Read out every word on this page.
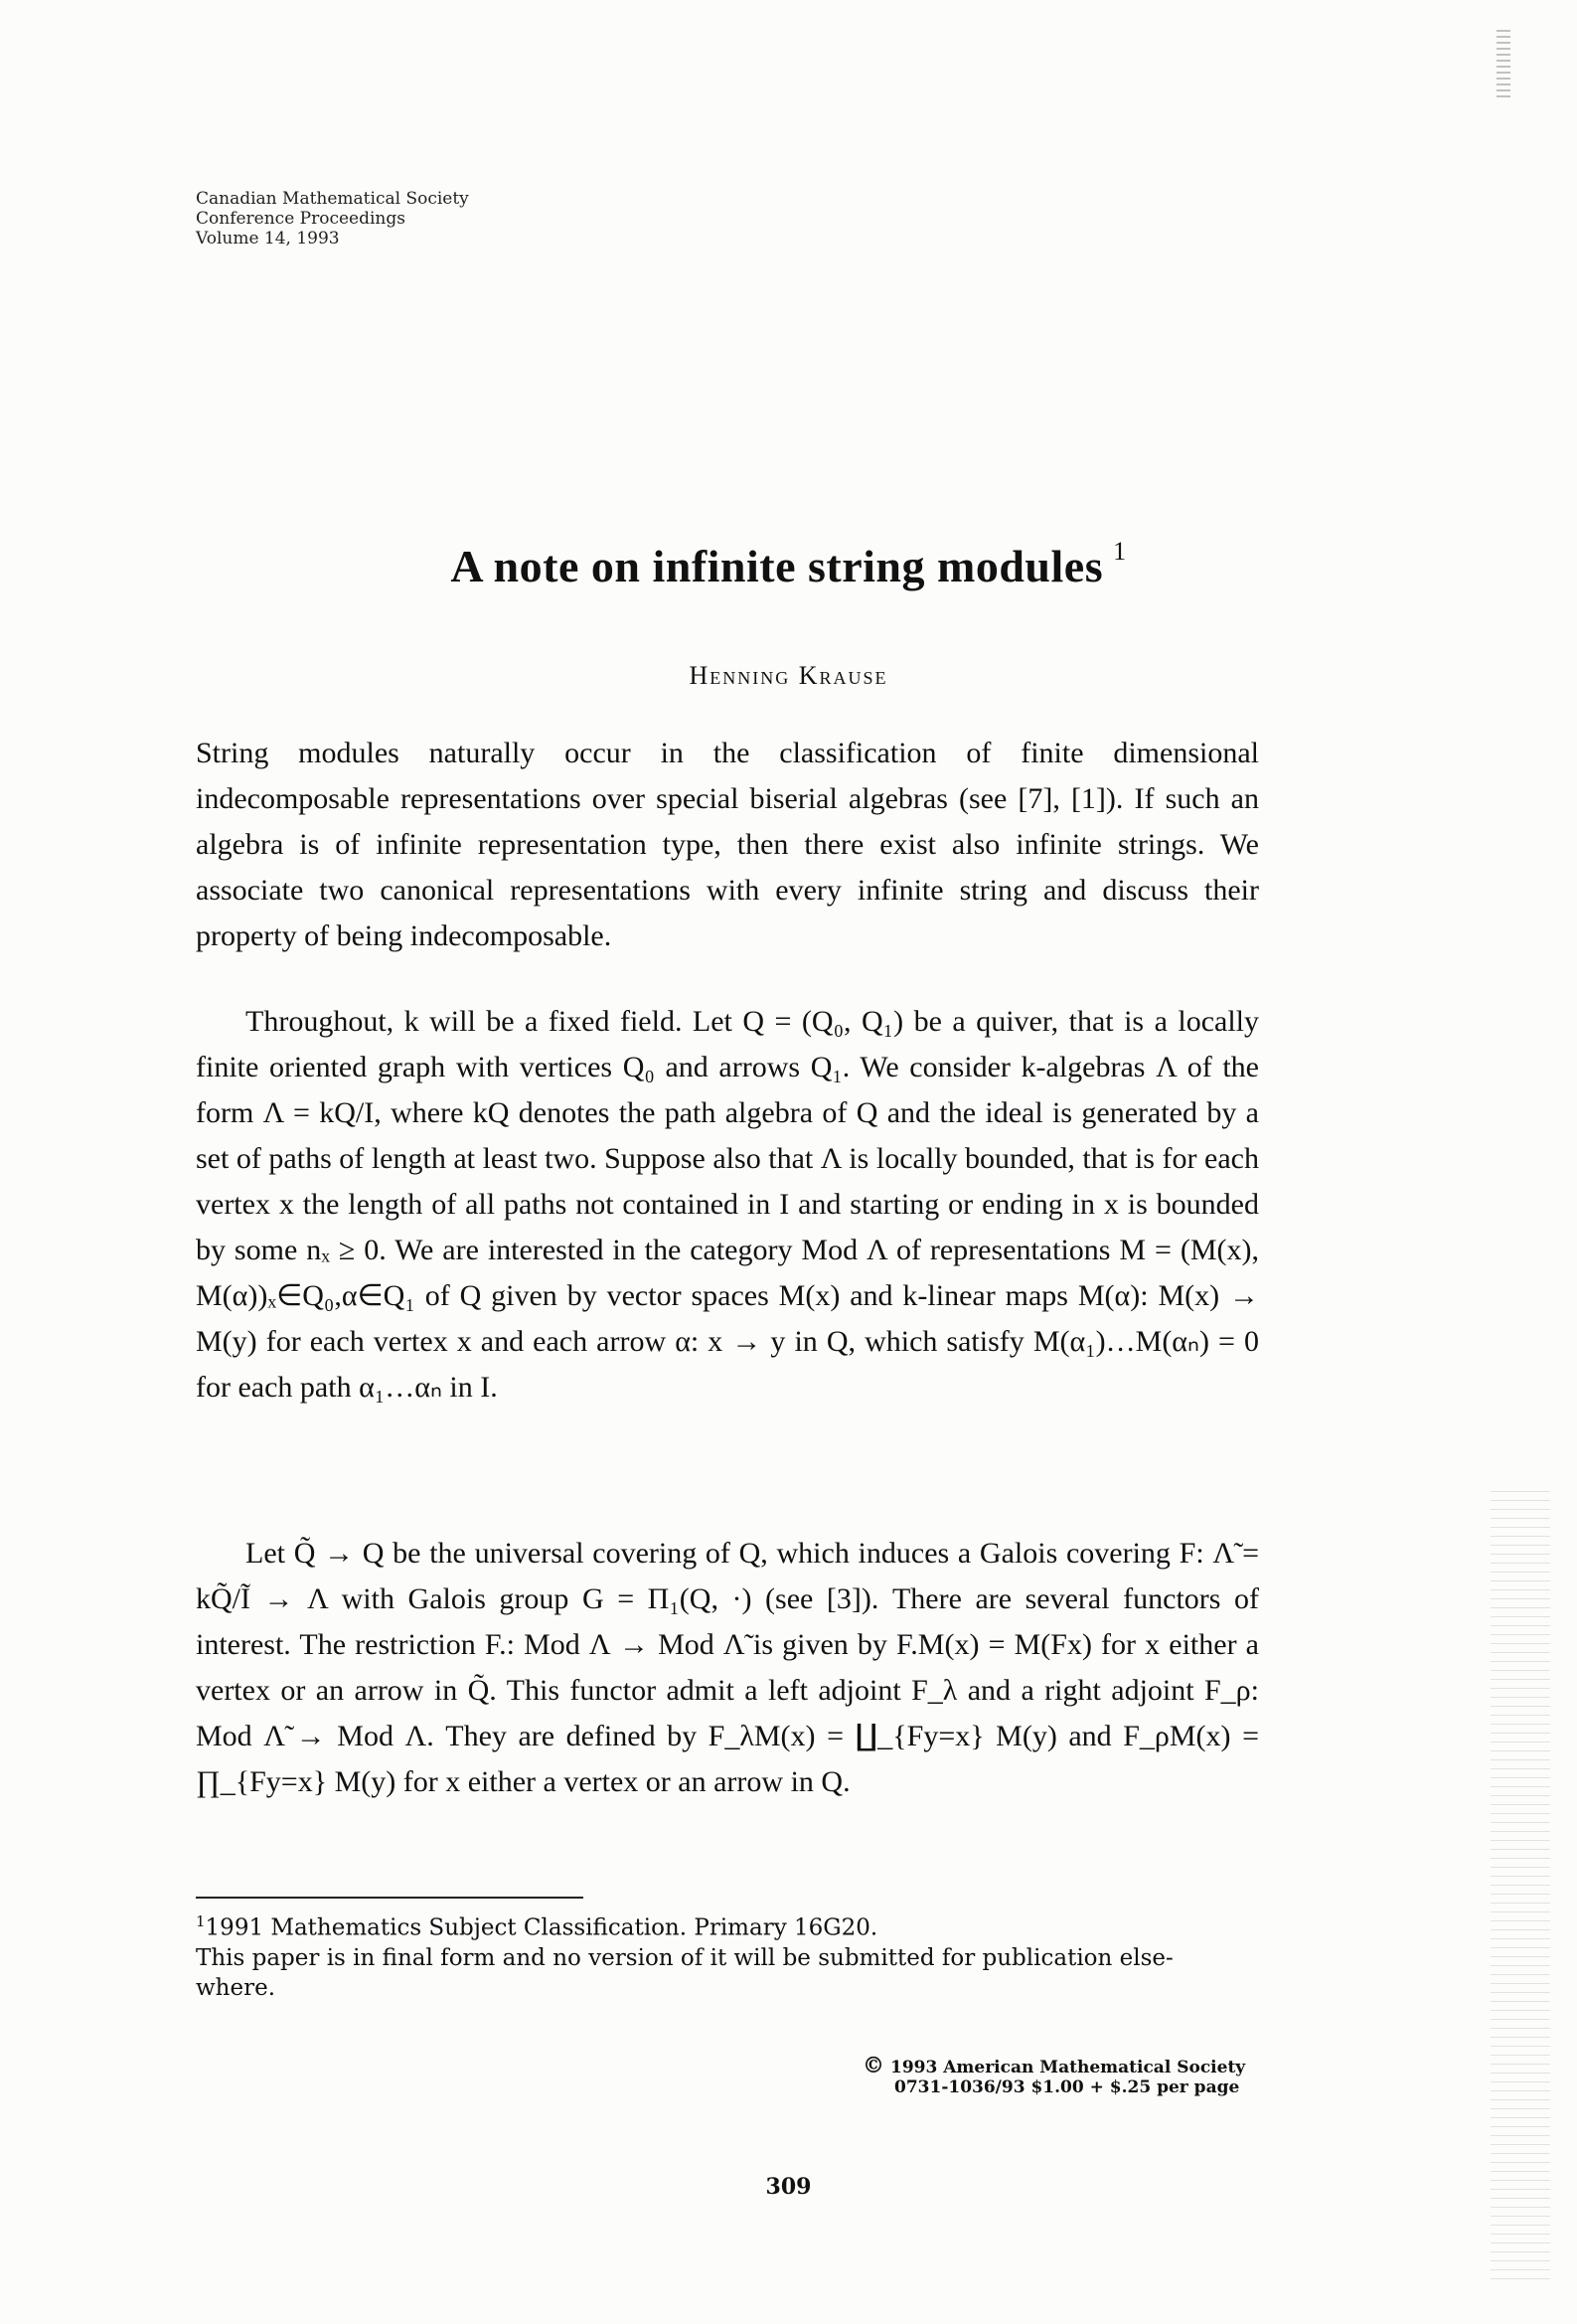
Canadian Mathematical Society
Conference Proceedings
Volume 14, 1993
A note on infinite string modules $^1$
Henning Krause
String modules naturally occur in the classification of finite dimensional indecomposable representations over special biserial algebras (see [7], [1]). If such an algebra is of infinite representation type, then there exist also infinite strings. We associate two canonical representations with every infinite string and discuss their property of being indecomposable.
Throughout, k will be a fixed field. Let Q = (Q₀, Q₁) be a quiver, that is a locally finite oriented graph with vertices Q₀ and arrows Q₁. We consider k-algebras Λ of the form Λ = kQ/I, where kQ denotes the path algebra of Q and the ideal is generated by a set of paths of length at least two. Suppose also that Λ is locally bounded, that is for each vertex x the length of all paths not contained in I and starting or ending in x is bounded by some nₓ ≥ 0. We are interested in the category Mod Λ of representations M = (M(x), M(α))ₓ∈Q₀,α∈Q₁ of Q given by vector spaces M(x) and k-linear maps M(α): M(x) → M(y) for each vertex x and each arrow α: x → y in Q, which satisfy M(α₁)…M(αₙ) = 0 for each path α₁…αₙ in I.
Let Q̃ → Q be the universal covering of Q, which induces a Galois covering F: Λ̃ = kQ̃/Ĩ → Λ with Galois group G = Π₁(Q, ·) (see [3]). There are several functors of interest. The restriction F.: Mod Λ → Mod Λ̃ is given by F.M(x) = M(Fx) for x either a vertex or an arrow in Q̃. This functor admit a left adjoint F_λ and a right adjoint F_ρ: Mod Λ̃ → Mod Λ. They are defined by F_λM(x) = ∐_{Fy=x} M(y) and F_ρM(x) = ∏_{Fy=x} M(y) for x either a vertex or an arrow in Q.
$^1$1991 Mathematics Subject Classification. Primary 16G20.
This paper is in final form and no version of it will be submitted for publication else-
where.
© 1993 American Mathematical Society
0731-1036/93 $1.00 + $.25 per page
309
